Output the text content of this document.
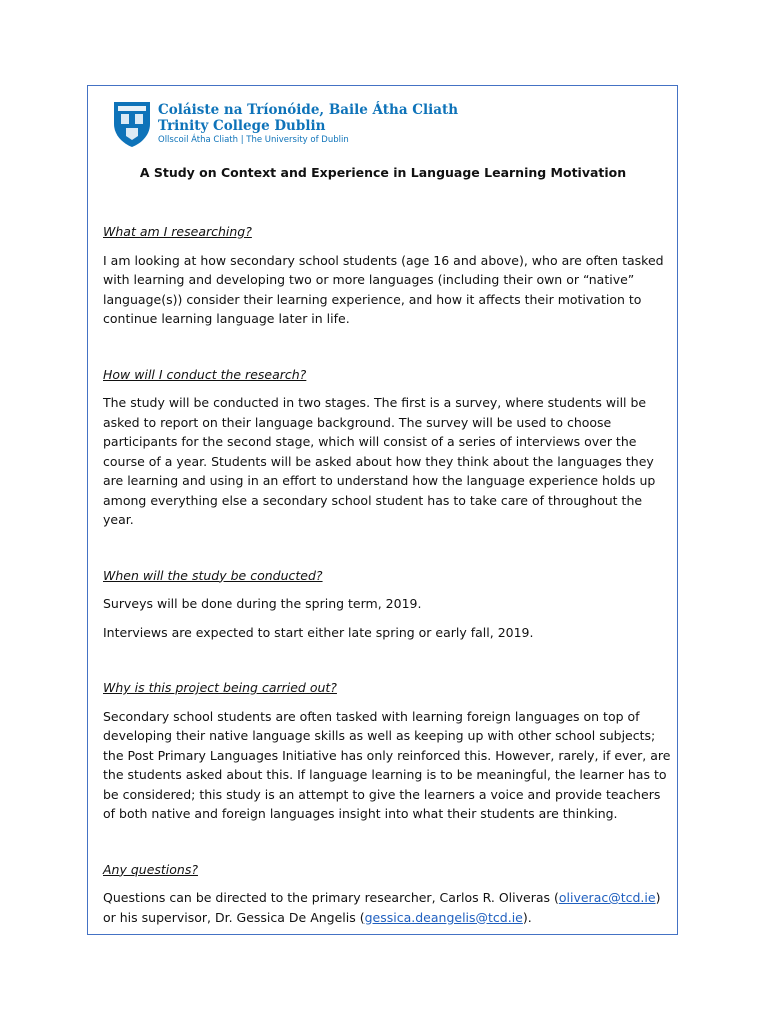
Coláiste na Tríonóide, Baile Átha Cliath
Trinity College Dublin
Ollscoil Átha Cliath | The University of Dublin
A Study on Context and Experience in Language Learning Motivation

What am I researching?

I am looking at how secondary school students (age 16 and above), who are often tasked with learning and developing two or more languages (including their own or “native” language(s)) consider their learning experience, and how it affects their motivation to continue learning language later in life.

How will I conduct the research?

The study will be conducted in two stages. The first is a survey, where students will be asked to report on their language background. The survey will be used to choose participants for the second stage, which will consist of a series of interviews over the course of a year. Students will be asked about how they think about the languages they are learning and using in an effort to understand how the language experience holds up among everything else a secondary school student has to take care of throughout the year.

When will the study be conducted?

Surveys will be done during the spring term, 2019.

Interviews are expected to start either late spring or early fall, 2019.

Why is this project being carried out?

Secondary school students are often tasked with learning foreign languages on top of developing their native language skills as well as keeping up with other school subjects; the Post Primary Languages Initiative has only reinforced this. However, rarely, if ever, are the students asked about this. If language learning is to be meaningful, the learner has to be considered; this study is an attempt to give the learners a voice and provide teachers of both native and foreign languages insight into what their students are thinking.

Any questions?

Questions can be directed to the primary researcher, Carlos R. Oliveras (oliverac@tcd.ie) or his supervisor, Dr. Gessica De Angelis (gessica.deangelis@tcd.ie).
